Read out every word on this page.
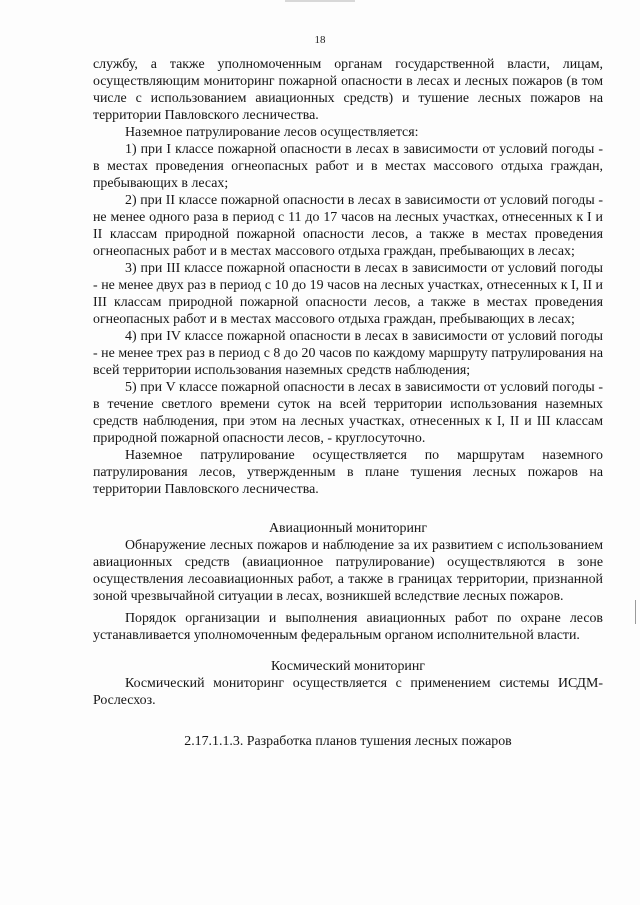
18

службу, а также уполномоченным органам государственной власти, лицам, осуществляющим мониторинг пожарной опасности в лесах и лесных пожаров (в том числе с использованием авиационных средств) и тушение лесных пожаров на территории Павловского лесничества.

Наземное патрулирование лесов осуществляется:

1) при I классе пожарной опасности в лесах в зависимости от условий погоды - в местах проведения огнеопасных работ и в местах массового отдыха граждан, пребывающих в лесах;

2) при II классе пожарной опасности в лесах в зависимости от условий погоды - не менее одного раза в период с 11 до 17 часов на лесных участках, отнесенных к I и II классам природной пожарной опасности лесов, а также в местах проведения огнеопасных работ и в местах массового отдыха граждан, пребывающих в лесах;

3) при III классе пожарной опасности в лесах в зависимости от условий погоды - не менее двух раз в период с 10 до 19 часов на лесных участках, отнесенных к I, II и III классам природной пожарной опасности лесов, а также в местах проведения огнеопасных работ и в местах массового отдыха граждан, пребывающих в лесах;

4) при IV классе пожарной опасности в лесах в зависимости от условий погоды - не менее трех раз в период с 8 до 20 часов по каждому маршруту патрулирования на всей территории использования наземных средств наблюдения;

5) при V классе пожарной опасности в лесах в зависимости от условий погоды - в течение светлого времени суток на всей территории использования наземных средств наблюдения, при этом на лесных участках, отнесенных к I, II и III классам природной пожарной опасности лесов, - круглосуточно.

Наземное патрулирование осуществляется по маршрутам наземного патрулирования лесов, утвержденным в плане тушения лесных пожаров на территории Павловского лесничества.

Авиационный мониторинг

Обнаружение лесных пожаров и наблюдение за их развитием с использованием авиационных средств (авиационное патрулирование) осуществляются в зоне осуществления лесоавиационных работ, а также в границах территории, признанной зоной чрезвычайной ситуации в лесах, возникшей вследствие лесных пожаров.

Порядок организации и выполнения авиационных работ по охране лесов устанавливается уполномоченным федеральным органом исполнительной власти.

Космический мониторинг

Космический мониторинг осуществляется с применением системы ИСДМ-Рослесхоз.

2.17.1.1.3. Разработка планов тушения лесных пожаров
